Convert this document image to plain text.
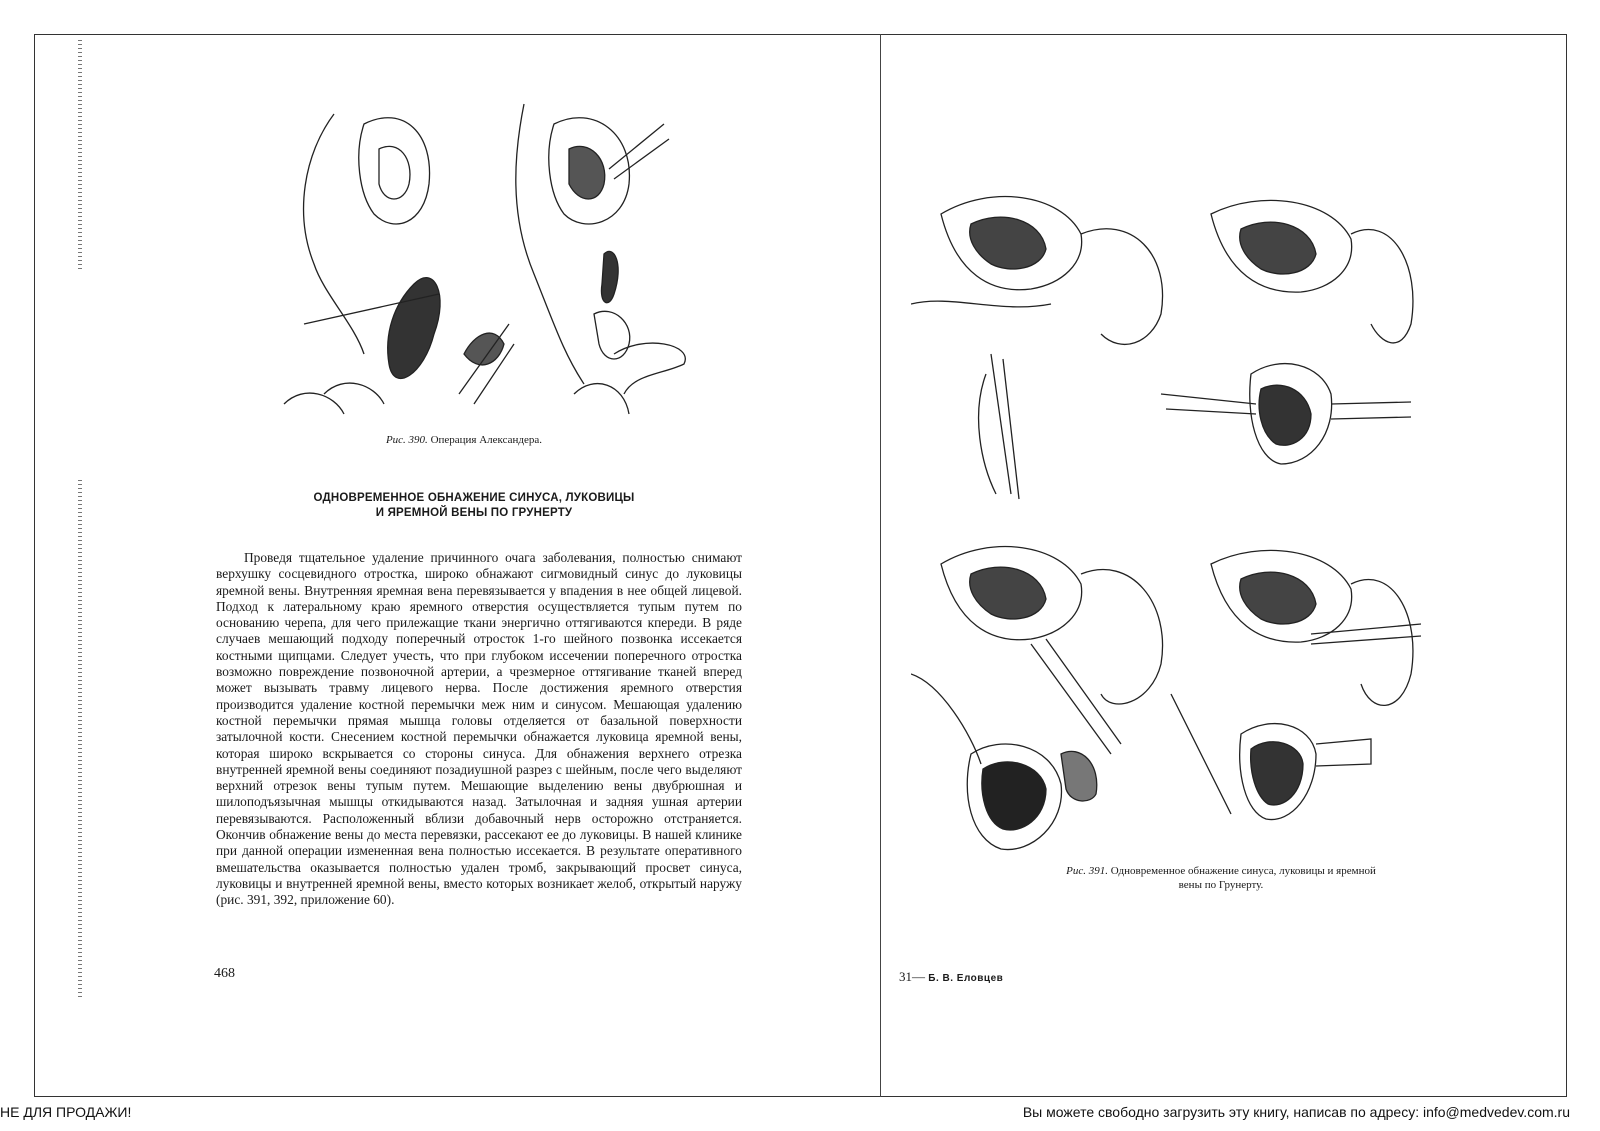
Рис. 390. Операция Александера.
ОДНОВРЕМЕННОЕ ОБНАЖЕНИЕ СИНУСА, ЛУКОВИЦЫ
И ЯРЕМНОЙ ВЕНЫ ПО ГРУНЕРТУ
Проведя тщательное удаление причинного очага заболевания, полностью снимают верхушку сосцевидного отростка, широко обнажают сигмовидный синус до луковицы яремной вены. Внутренняя яремная вена перевязывается у впадения в нее общей лицевой. Подход к латеральному краю яремного отверстия осуществляется тупым путем по основанию черепа, для чего прилежащие ткани энергично оттягиваются кпереди. В ряде случаев мешающий подходу поперечный отросток 1-го шейного позвонка иссекается костными щипцами. Следует учесть, что при глубоком иссечении поперечного отростка возможно повреждение позвоночной артерии, а чрезмерное оттягивание тканей вперед может вызывать травму лицевого нерва. После достижения яремного отверстия производится удаление костной перемычки меж ним и синусом. Мешающая удалению костной перемычки прямая мышца головы отделяется от базальной поверхности затылочной кости. Снесением костной перемычки обнажается луковица яремной вены, которая широко вскрывается со стороны синуса. Для обнажения верхнего отрезка внутренней яремной вены соединяют позадиушной разрез с шейным, после чего выделяют верхний отрезок вены тупым путем. Мешающие выделению вены двубрюшная и шилоподъязычная мышцы откидываются назад. Затылочная и задняя ушная артерии перевязываются. Расположенный вблизи добавочный нерв осторожно отстраняется. Окончив обнажение вены до места перевязки, рассекают ее до луковицы. В нашей клинике при данной операции измененная вена полностью иссекается. В результате оперативного вмешательства оказывается полностью удален тромб, закрывающий просвет синуса, луковицы и внутренней яремной вены, вместо которых возникает желоб, открытый наружу (рис. 391, 392, приложение 60).
468
Рис. 391. Одновременное обнажение синуса, луковицы и яремной
вены по Грунерту.
31— Б. В. Еловцев
НЕ ДЛЯ ПРОДАЖИ!	Вы можете свободно загрузить эту книгу, написав по адресу: info@medvedev.com.ru
